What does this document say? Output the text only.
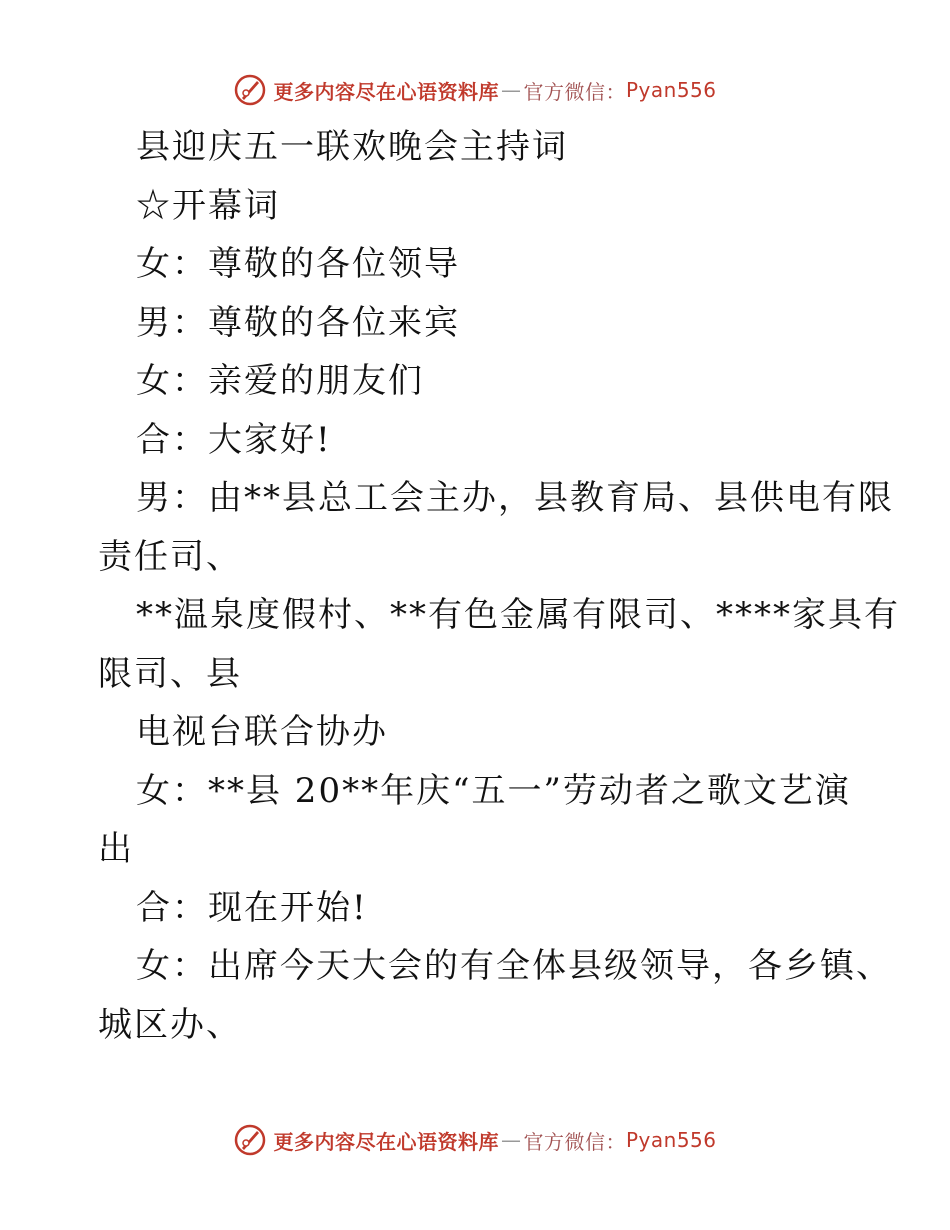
更多内容尽在心语资料库 — 官方微信： Pyan556
县迎庆五一联欢晚会主持词
☆开幕词
女：尊敬的各位领导
男：尊敬的各位来宾
女：亲爱的朋友们
合：大家好!
男：由**县总工会主办，县教育局、县供电有限
责任司、
**温泉度假村、**有色金属有限司、****家具有
限司、县
电视台联合协办
女：**县 20**年庆“五一”劳动者之歌文艺演
出
合：现在开始!
女：出席今天大会的有全体县级领导，各乡镇、
城区办、
更多内容尽在心语资料库 — 官方微信： Pyan556
